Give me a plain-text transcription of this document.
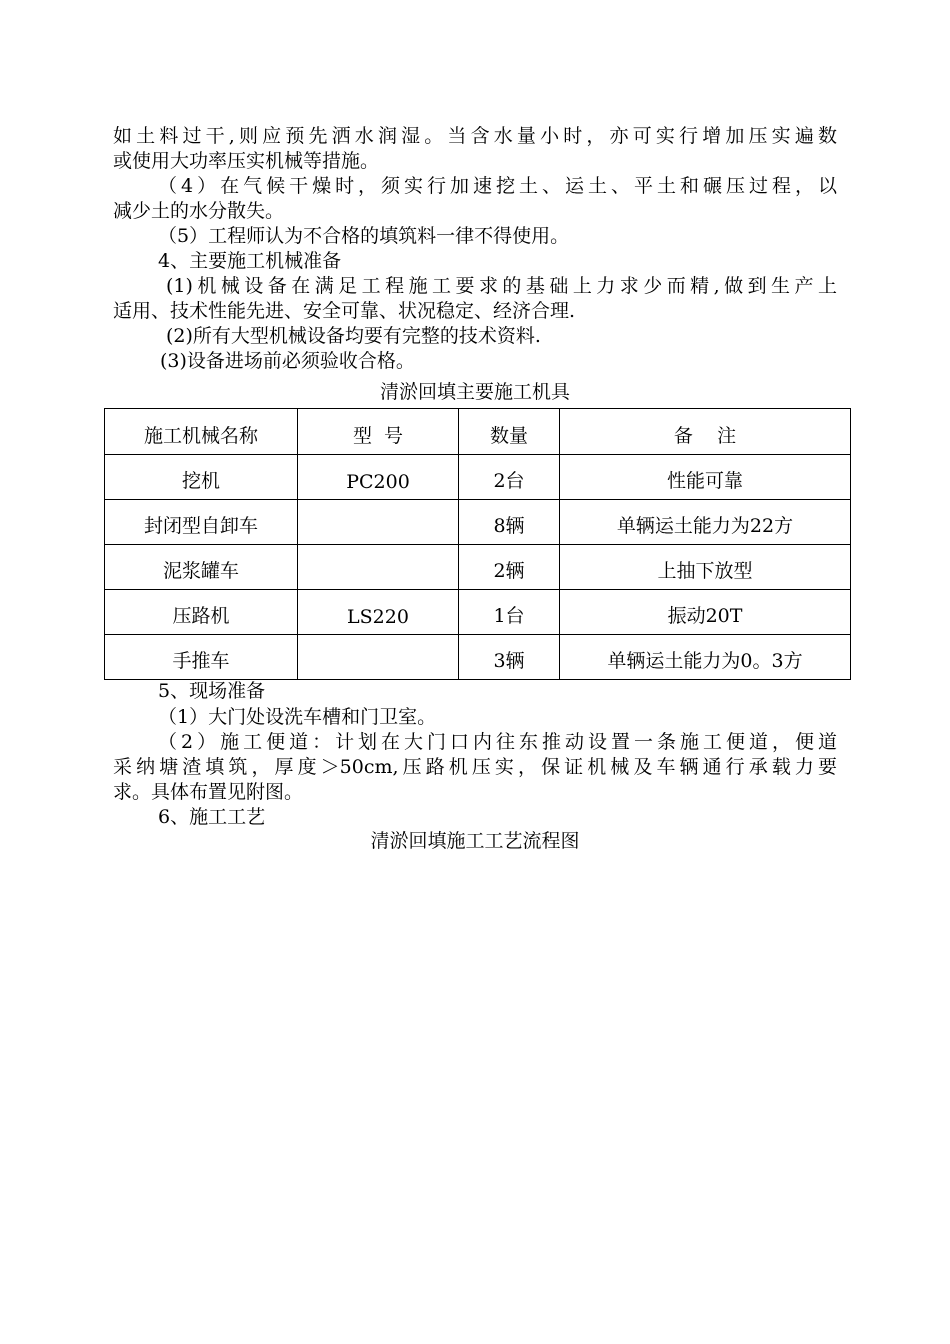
如土料过干,则应预先洒水润湿。当含水量小时，亦可实行增加压实遍数
或使用大功率压实机械等措施。
（4）在气候干燥时，须实行加速挖土、运土、平土和碾压过程，以
减少土的水分散失。
（5）工程师认为不合格的填筑料一律不得使用。
4、主要施工机械准备
(1)机械设备在满足工程施工要求的基础上力求少而精,做到生产上
适用、技术性能先进、安全可靠、状况稳定、经济合理.
(2)所有大型机械设备均要有完整的技术资料.
(3)设备进场前必须验收合格。
清淤回填主要施工机具
施工机械名称	型  号	数量	备    注
挖机	PC200	2台	性能可靠
封闭型自卸车		8辆	单辆运土能力为22方
泥浆罐车		2辆	上抽下放型
压路机	LS220	1台	振动20T
手推车		3辆	单辆运土能力为0。3方
5、现场准备
（1）大门处设洗车槽和门卫室。
（2）施工便道：计划在大门口内往东推动设置一条施工便道，便道
采纳塘渣填筑，厚度＞50cm,压路机压实，保证机械及车辆通行承载力要
求。具体布置见附图。
6、施工工艺
清淤回填施工工艺流程图
